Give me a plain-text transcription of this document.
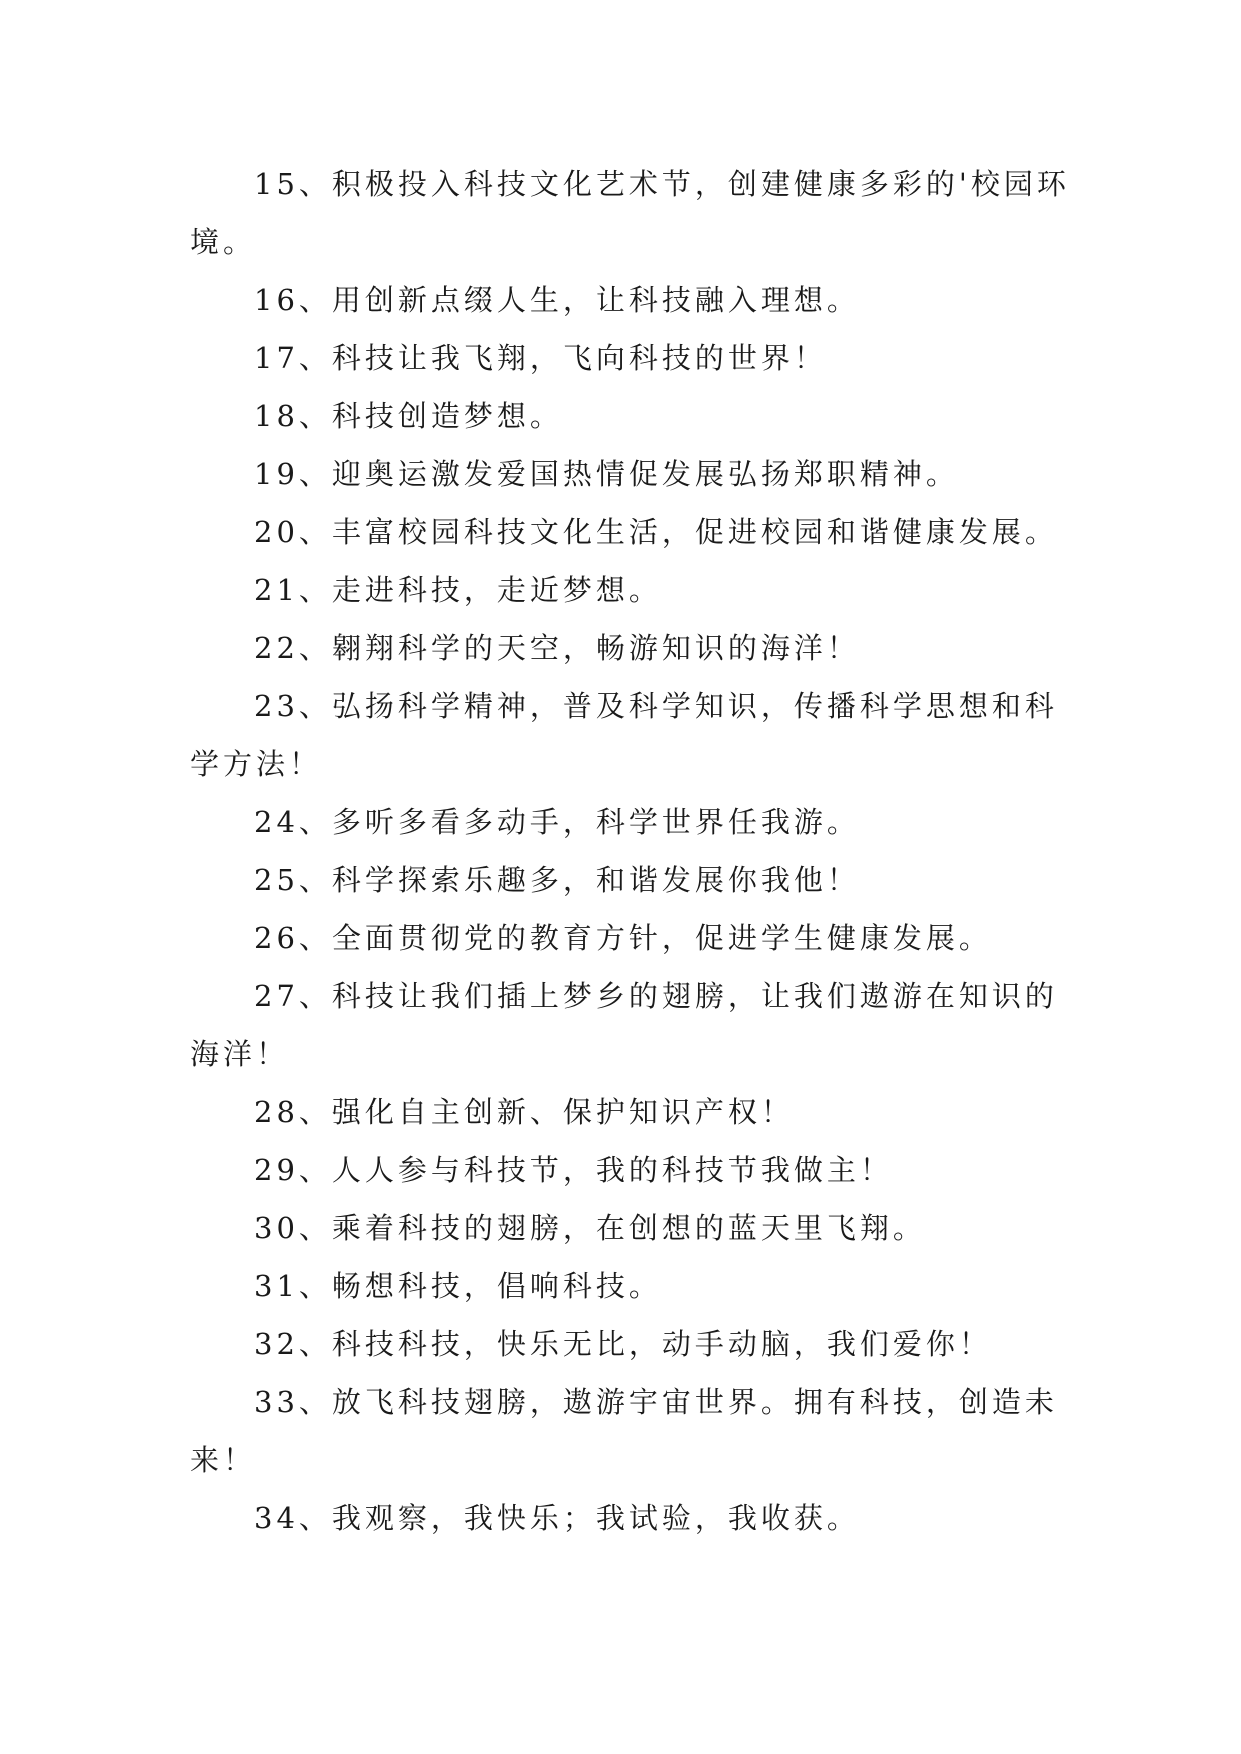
15、积极投入科技文化艺术节，创建健康多彩的'校园环境。

16、用创新点缀人生，让科技融入理想。

17、科技让我飞翔，飞向科技的世界！

18、科技创造梦想。

19、迎奥运激发爱国热情促发展弘扬郑职精神。

20、丰富校园科技文化生活，促进校园和谐健康发展。

21、走进科技，走近梦想。

22、翱翔科学的天空，畅游知识的海洋！

23、弘扬科学精神，普及科学知识，传播科学思想和科学方法！

24、多听多看多动手，科学世界任我游。

25、科学探索乐趣多，和谐发展你我他！

26、全面贯彻党的教育方针，促进学生健康发展。

27、科技让我们插上梦乡的翅膀，让我们遨游在知识的海洋！

28、强化自主创新、保护知识产权！

29、人人参与科技节，我的科技节我做主！

30、乘着科技的翅膀，在创想的蓝天里飞翔。

31、畅想科技，倡响科技。

32、科技科技，快乐无比，动手动脑，我们爱你！

33、放飞科技翅膀，遨游宇宙世界。拥有科技，创造未来！

34、我观察，我快乐；我试验，我收获。
